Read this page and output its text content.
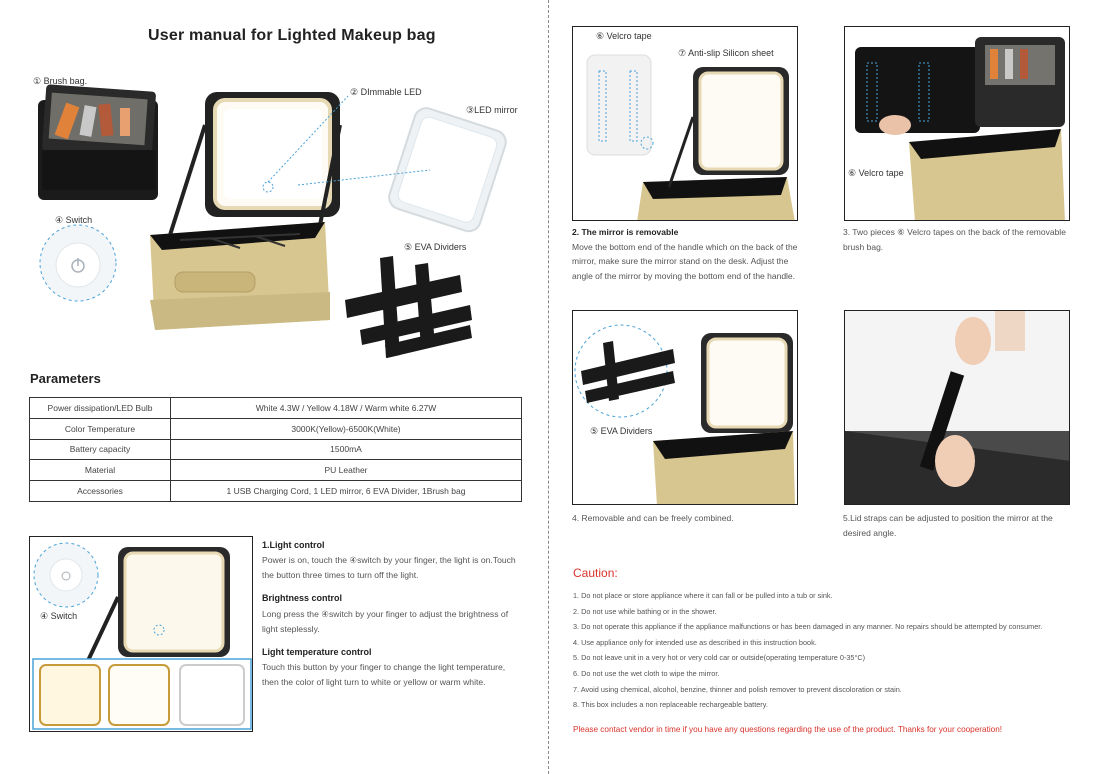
User manual for Lighted Makeup bag
① Brush bag.
② DImmable LED
③LED mirror
④ Switch
⑤ EVA Dividers
Parameters
Power dissipation/LED Bulb	White 4.3W / Yellow 4.18W / Warm white 6.27W
Color Temperature	3000K(Yellow)-6500K(White)
Battery capacity	1500mA
Material	PU Leather
Accessories	1 USB Charging Cord, 1 LED mirror, 6 EVA Divider, 1Brush bag
④ Switch
1.Light control
Power is on, touch the ④switch by your finger, the light is on.Touch the button three times to turn off the light.
Brightness control
Long press the ④switch by your finger to adjust the brightness of light steplessly.
Light temperature control
Touch this button by your finger to change the light temperature, then the color of light turn to white or yellow or warm white.
⑥ Velcro tape
⑦ Anti-slip Silicon sheet
⑥ Velcro tape
2. The mirror is removable
Move the bottom end of the handle which on the back of the mirror, make sure the mirror stand on the desk. Adjust the angle of the mirror by moving the bottom end of the handle.
3. Two pieces ⑥ Velcro tapes on the back of the removable brush bag.
⑤ EVA Dividers
4. Removable and can be freely combined.	5.Lid straps can be adjusted to position the mirror at the desired angle.
Caution:
1. Do not place or store appliance where it can fall or be pulled into a tub or sink.
2. Do not use while bathing or in the shower.
3. Do not operate this appliance if the appliance malfunctions or has been damaged in any manner. No repairs should be attempted by consumer.
4. Use appliance only for intended use as described in this instruction book.
5. Do not leave unit in a very hot or very cold car or outside(operating temperature 0-35°C)
6. Do not use the wet cloth to wipe the mirror.
7. Avoid using chemical, alcohol, benzine, thinner and polish remover to prevent discoloration or stain.
8. This box includes a non replaceable rechargeable battery.
Please contact vendor in time if you have any questions regarding the use of the product. Thanks for your cooperation!
